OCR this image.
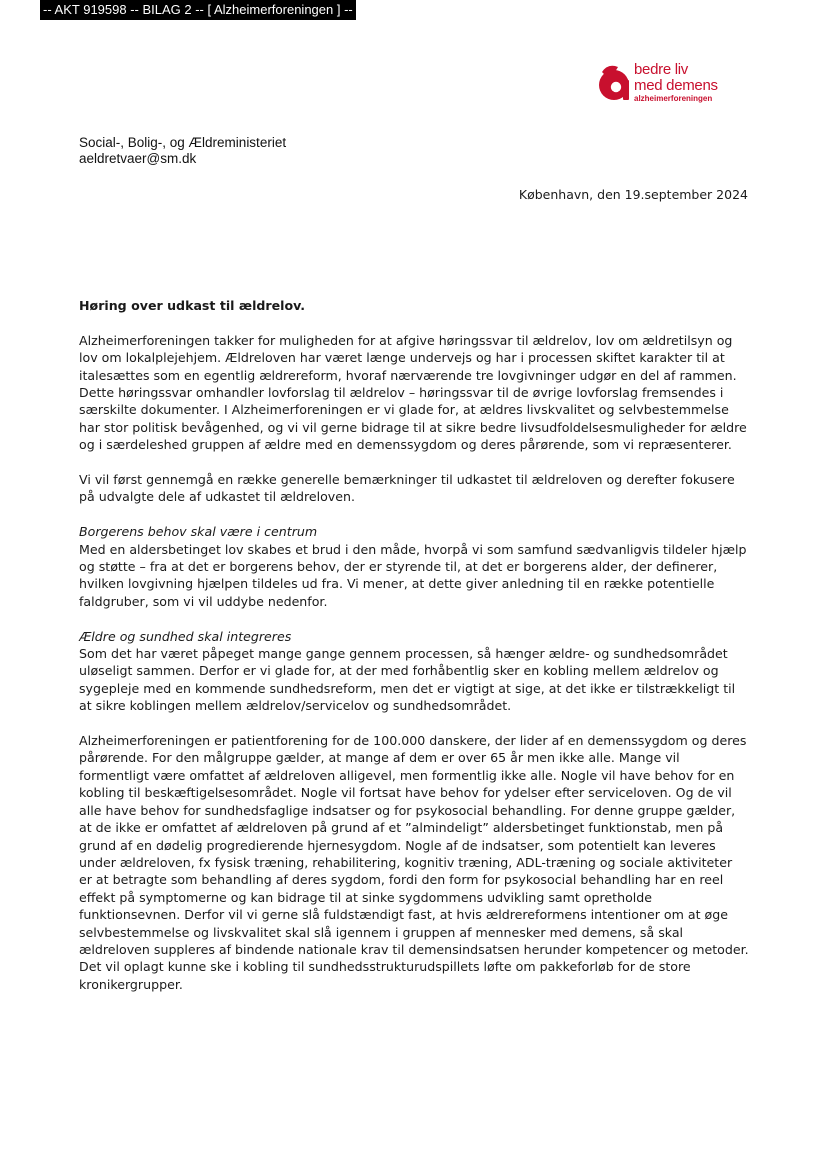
-- AKT 919598 -- BILAG 2 -- [ Alzheimerforeningen ] --
bedre liv
med demens
alzheimerforeningen
Social-, Bolig-, og Ældreministeriet
aeldretvaer@sm.dk
København, den 19.september 2024

Høring over udkast til ældrelov.

Alzheimerforeningen takker for muligheden for at afgive høringssvar til ældrelov, lov om ældretilsyn og lov om lokalplejehjem. Ældreloven har været længe undervejs og har i processen skiftet karakter til at italesættes som en egentlig ældrereform, hvoraf nærværende tre lovgivninger udgør en del af rammen. Dette høringssvar omhandler lovforslag til ældrelov – høringssvar til de øvrige lovforslag fremsendes i særskilte dokumenter. I Alzheimerforeningen er vi glade for, at ældres livskvalitet og selvbestemmelse har stor politisk bevågenhed, og vi vil gerne bidrage til at sikre bedre livsudfoldelsesmuligheder for ældre og i særdeleshed gruppen af ældre med en demenssygdom og deres pårørende, som vi repræsenterer.

Vi vil først gennemgå en række generelle bemærkninger til udkastet til ældreloven og derefter fokusere på udvalgte dele af udkastet til ældreloven.

Borgerens behov skal være i centrum
Med en aldersbetinget lov skabes et brud i den måde, hvorpå vi som samfund sædvanligvis tildeler hjælp og støtte – fra at det er borgerens behov, der er styrende til, at det er borgerens alder, der definerer, hvilken lovgivning hjælpen tildeles ud fra. Vi mener, at dette giver anledning til en række potentielle faldgruber, som vi vil uddybe nedenfor.

Ældre og sundhed skal integreres
Som det har været påpeget mange gange gennem processen, så hænger ældre- og sundhedsområdet uløseligt sammen. Derfor er vi glade for, at der med forhåbentlig sker en kobling mellem ældrelov og sygepleje med en kommende sundhedsreform, men det er vigtigt at sige, at det ikke er tilstrækkeligt til at sikre koblingen mellem ældrelov/servicelov og sundhedsområdet.

Alzheimerforeningen er patientforening for de 100.000 danskere, der lider af en demenssygdom og deres pårørende. For den målgruppe gælder, at mange af dem er over 65 år men ikke alle. Mange vil formentligt være omfattet af ældreloven alligevel, men formentlig ikke alle. Nogle vil have behov for en kobling til beskæftigelsesområdet. Nogle vil fortsat have behov for ydelser efter serviceloven. Og de vil alle have behov for sundhedsfaglige indsatser og for psykosocial behandling. For denne gruppe gælder, at de ikke er omfattet af ældreloven på grund af et ”almindeligt” aldersbetinget funktionstab, men på grund af en dødelig progredierende hjernesygdom. Nogle af de indsatser, som potentielt kan leveres under ældreloven, fx fysisk træning, rehabilitering, kognitiv træning, ADL-træning og sociale aktiviteter er at betragte som behandling af deres sygdom, fordi den form for psykosocial behandling har en reel effekt på symptomerne og kan bidrage til at sinke sygdommens udvikling samt opretholde funktionsevnen. Derfor vil vi gerne slå fuldstændigt fast, at hvis ældrereformens intentioner om at øge selvbestemmelse og livskvalitet skal slå igennem i gruppen af mennesker med demens, så skal ældreloven suppleres af bindende nationale krav til demensindsatsen herunder kompetencer og metoder. Det vil oplagt kunne ske i kobling til sundhedsstrukturudspillets løfte om pakkeforløb for de store kronikergrupper.
